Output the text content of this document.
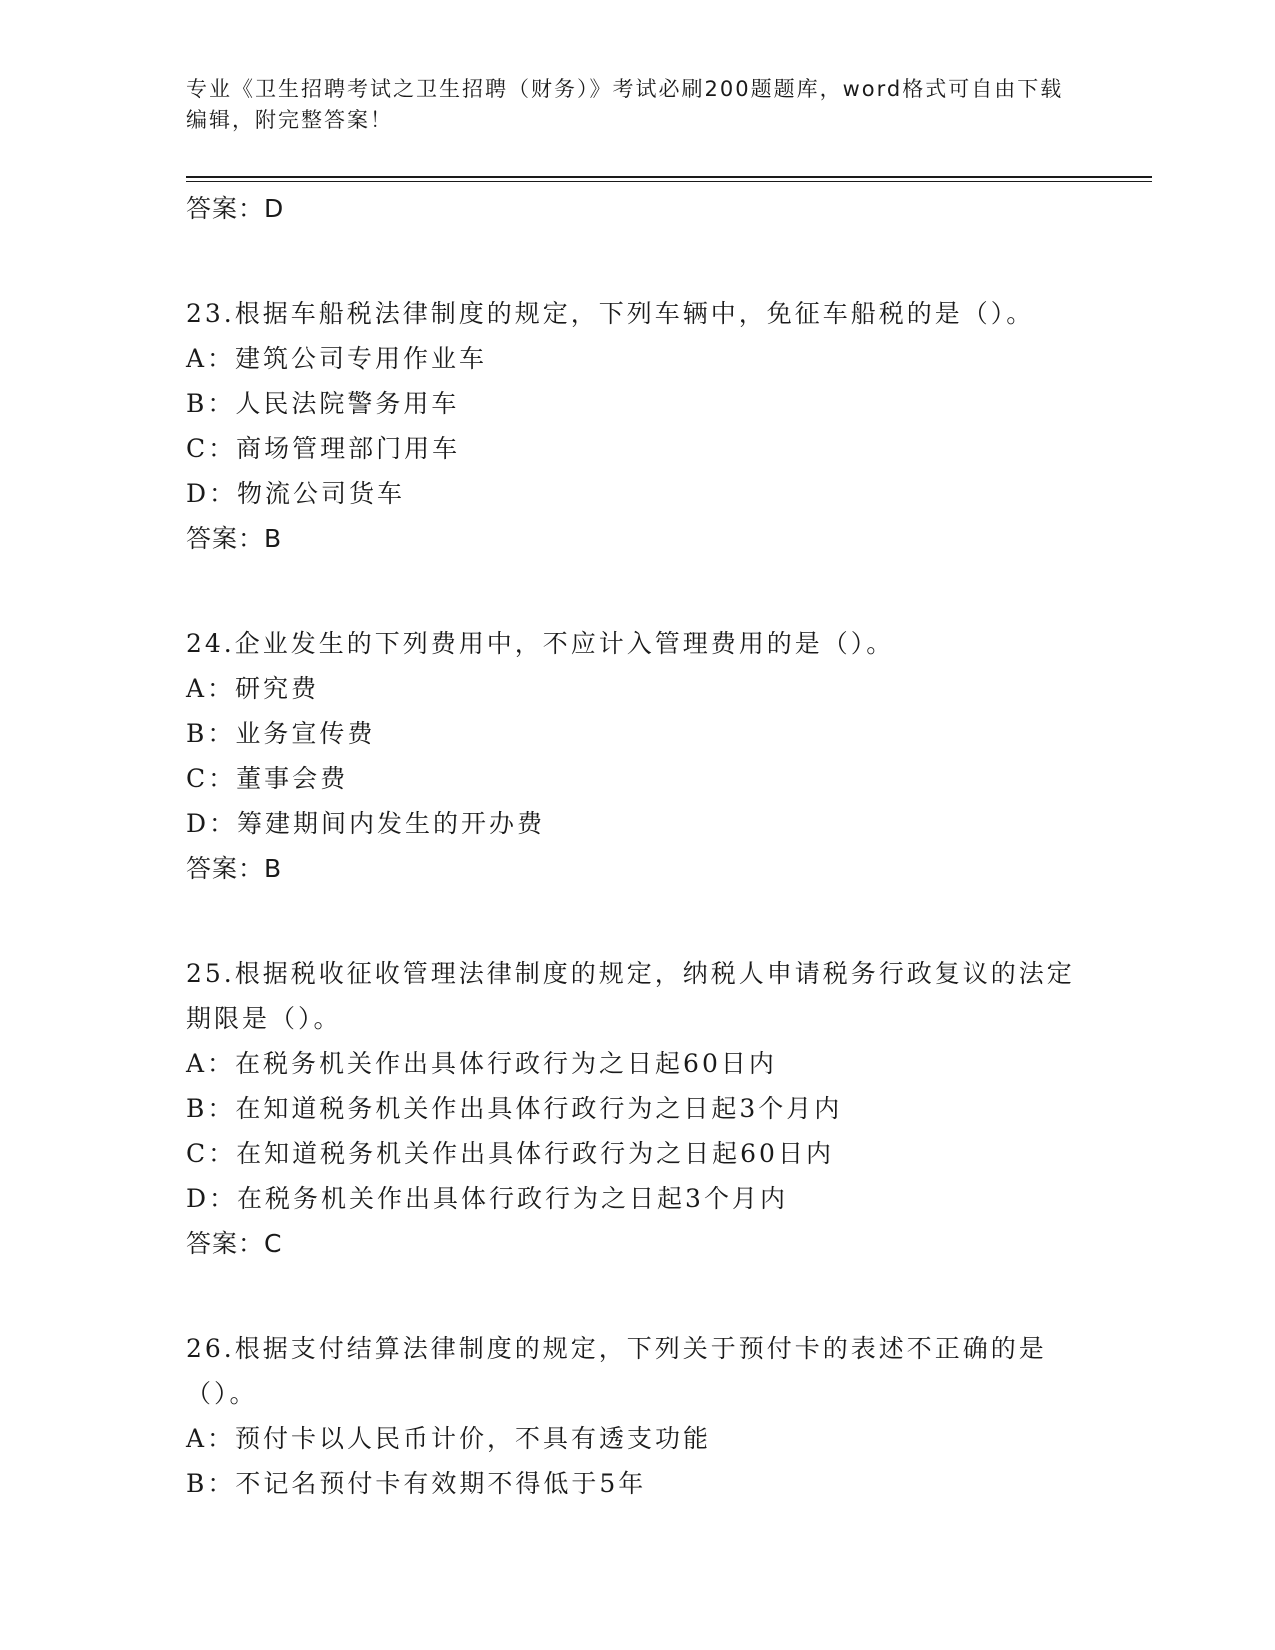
专业《卫生招聘考试之卫生招聘（财务）》考试必刷200题题库，word格式可自由下载编辑，附完整答案！
答案：D
23.根据车船税法律制度的规定，下列车辆中，免征车船税的是（）。
A：建筑公司专用作业车
B：人民法院警务用车
C：商场管理部门用车
D：物流公司货车
答案：B
24.企业发生的下列费用中，不应计入管理费用的是（）。
A：研究费
B：业务宣传费
C：董事会费
D：筹建期间内发生的开办费
答案：B
25.根据税收征收管理法律制度的规定，纳税人申请税务行政复议的法定期限是（）。
A：在税务机关作出具体行政行为之日起60日内
B：在知道税务机关作出具体行政行为之日起3个月内
C：在知道税务机关作出具体行政行为之日起60日内
D：在税务机关作出具体行政行为之日起3个月内
答案：C
26.根据支付结算法律制度的规定，下列关于预付卡的表述不正确的是（）。
A：预付卡以人民币计价，不具有透支功能
B：不记名预付卡有效期不得低于5年
